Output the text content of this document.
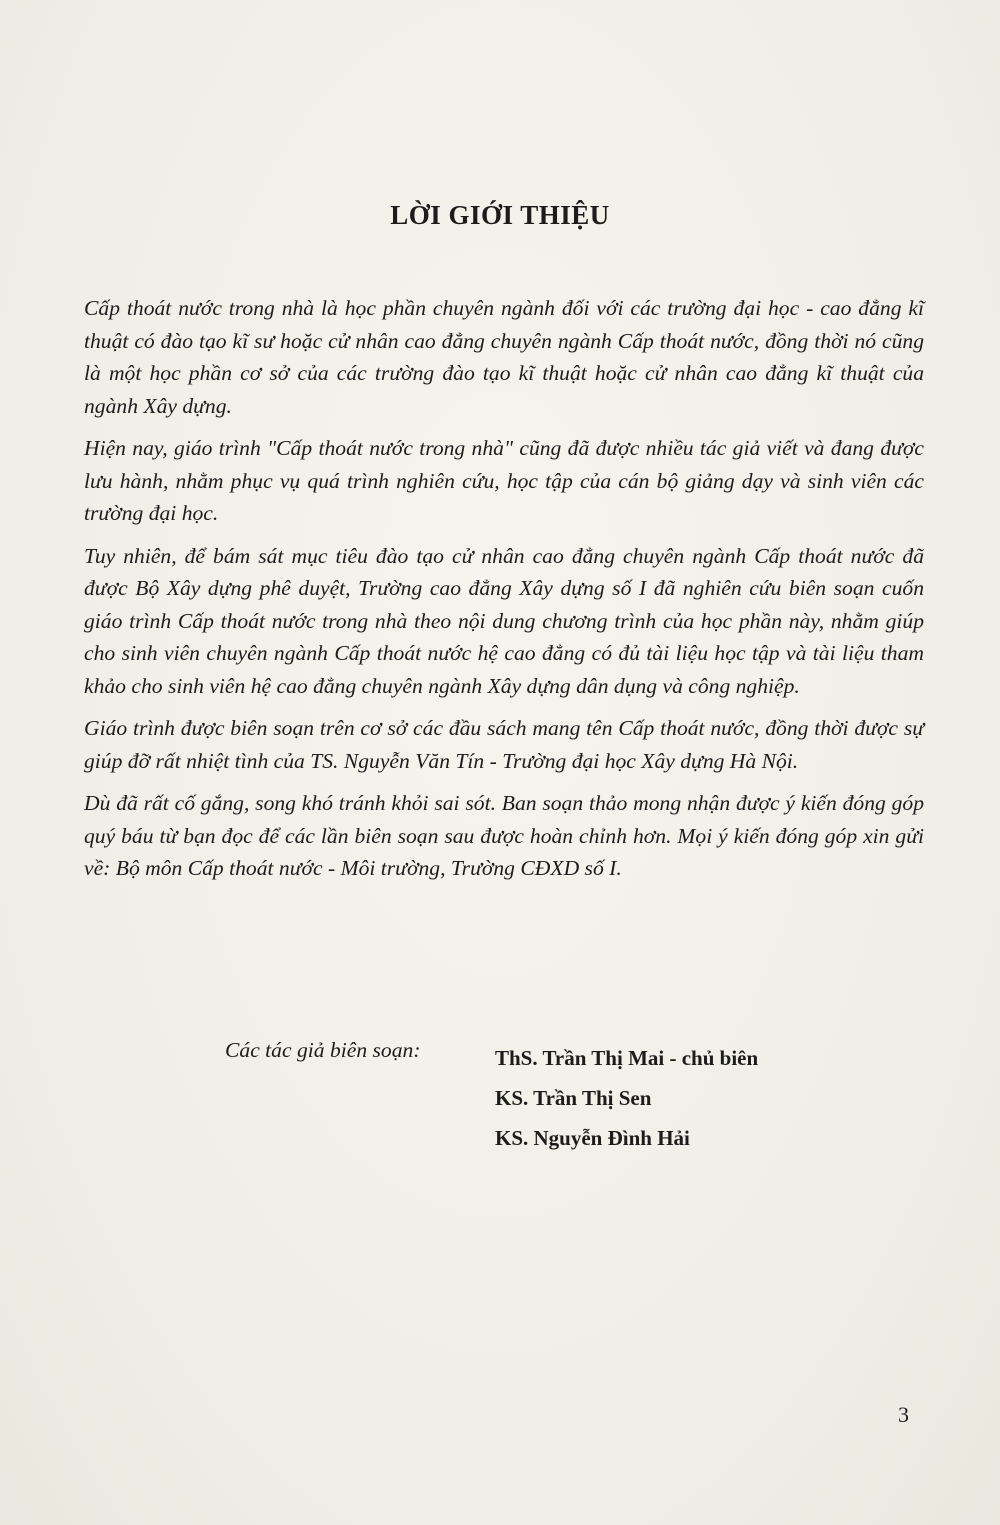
LỜI GIỚI THIỆU

Cấp thoát nước trong nhà là học phần chuyên ngành đối với các trường đại học - cao đẳng kĩ thuật có đào tạo kĩ sư hoặc cử nhân cao đẳng chuyên ngành Cấp thoát nước, đồng thời nó cũng là một học phần cơ sở của các trường đào tạo kĩ thuật hoặc cử nhân cao đẳng kĩ thuật của ngành Xây dựng.

Hiện nay, giáo trình "Cấp thoát nước trong nhà" cũng đã được nhiều tác giả viết và đang được lưu hành, nhằm phục vụ quá trình nghiên cứu, học tập của cán bộ giảng dạy và sinh viên các trường đại học.

Tuy nhiên, để bám sát mục tiêu đào tạo cử nhân cao đẳng chuyên ngành Cấp thoát nước đã được Bộ Xây dựng phê duyệt, Trường cao đẳng Xây dựng số I đã nghiên cứu biên soạn cuốn giáo trình Cấp thoát nước trong nhà theo nội dung chương trình của học phần này, nhằm giúp cho sinh viên chuyên ngành Cấp thoát nước hệ cao đẳng có đủ tài liệu học tập và tài liệu tham khảo cho sinh viên hệ cao đẳng chuyên ngành Xây dựng dân dụng và công nghiệp.

Giáo trình được biên soạn trên cơ sở các đầu sách mang tên Cấp thoát nước, đồng thời được sự giúp đỡ rất nhiệt tình của TS. Nguyễn Văn Tín - Trường đại học Xây dựng Hà Nội.

Dù đã rất cố gắng, song khó tránh khỏi sai sót. Ban soạn thảo mong nhận được ý kiến đóng góp quý báu từ bạn đọc để các lần biên soạn sau được hoàn chỉnh hơn. Mọi ý kiến đóng góp xin gửi về: Bộ môn Cấp thoát nước - Môi trường, Trường CĐXD số I.

Các tác giả biên soạn:	ThS. Trần Thị Mai - chủ biên
KS. Trần Thị Sen
KS. Nguyễn Đình Hải
3
